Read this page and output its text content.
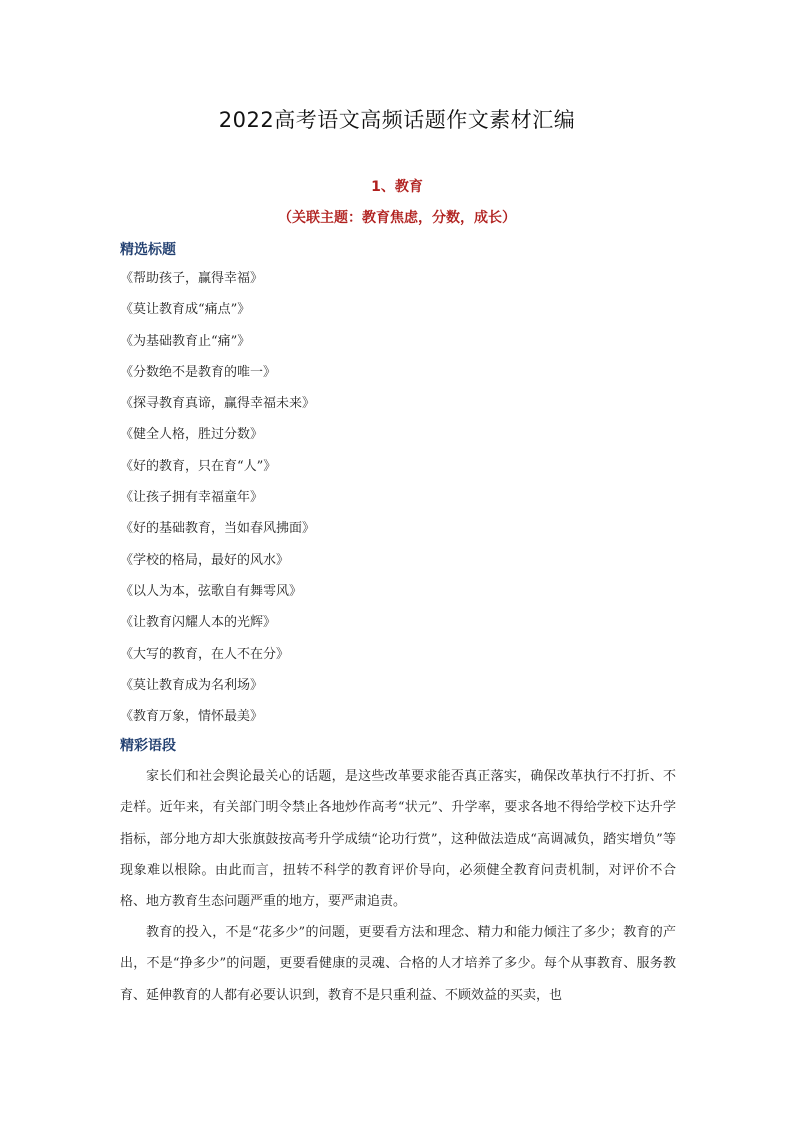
2022高考语文高频话题作文素材汇编
1、教育
（关联主题：教育焦虑，分数，成长）
精选标题
《帮助孩子，赢得幸福》
《莫让教育成“痛点”》
《为基础教育止“痛”》
《分数绝不是教育的唯一》
《探寻教育真谛，赢得幸福未来》
《健全人格，胜过分数》
《好的教育，只在育“人”》
《让孩子拥有幸福童年》
《好的基础教育，当如春风拂面》
《学校的格局，最好的风水》
《以人为本，弦歌自有舞雩风》
《让教育闪耀人本的光辉》
《大写的教育，在人不在分》
《莫让教育成为名利场》
《教育万象，情怀最美》
精彩语段

家长们和社会舆论最关心的话题，是这些改革要求能否真正落实，确保改革执行不打折、不走样。近年来，有关部门明令禁止各地炒作高考“状元”、升学率，要求各地不得给学校下达升学指标，部分地方却大张旗鼓按高考升学成绩“论功行赏”，这种做法造成“高调减负，踏实增负”等现象难以根除。由此而言，扭转不科学的教育评价导向，必须健全教育问责机制，对评价不合格、地方教育生态问题严重的地方，要严肃追责。

教育的投入，不是“花多少”的问题，更要看方法和理念、精力和能力倾注了多少；教育的产出，不是“挣多少”的问题，更要看健康的灵魂、合格的人才培养了多少。每个从事教育、服务教育、延伸教育的人都有必要认识到，教育不是只重利益、不顾效益的买卖，也
